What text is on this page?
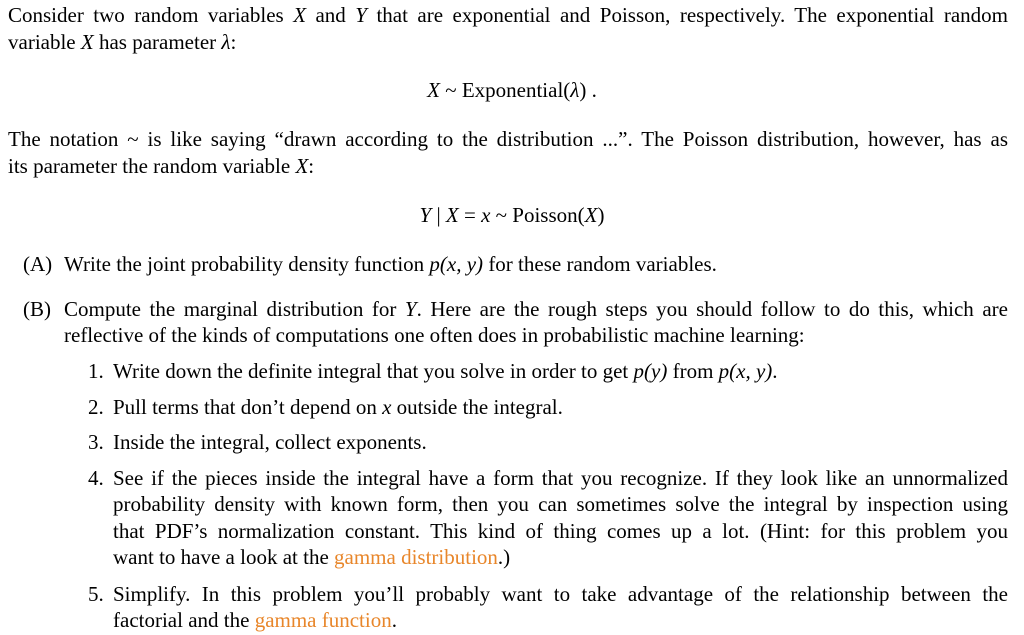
Consider two random variables X and Y that are exponential and Poisson, respectively. The exponential random
variable X has parameter λ:
X ~ Exponential(λ) .
The notation ~ is like saying “drawn according to the distribution ...”. The Poisson distribution, however, has as
its parameter the random variable X:
Y | X = x ~ Poisson(X)
(A) Write the joint probability density function p(x, y) for these random variables.
(B) Compute the marginal distribution for Y. Here are the rough steps you should follow to do this, which are
reflective of the kinds of computations one often does in probabilistic machine learning:
1. Write down the definite integral that you solve in order to get p(y) from p(x, y).
2. Pull terms that don’t depend on x outside the integral.
3. Inside the integral, collect exponents.
4. See if the pieces inside the integral have a form that you recognize. If they look like an unnormalized
probability density with known form, then you can sometimes solve the integral by inspection using
that PDF’s normalization constant. This kind of thing comes up a lot. (Hint: for this problem you
want to have a look at the gamma distribution.)
5. Simplify. In this problem you’ll probably want to take advantage of the relationship between the
factorial and the gamma function.
